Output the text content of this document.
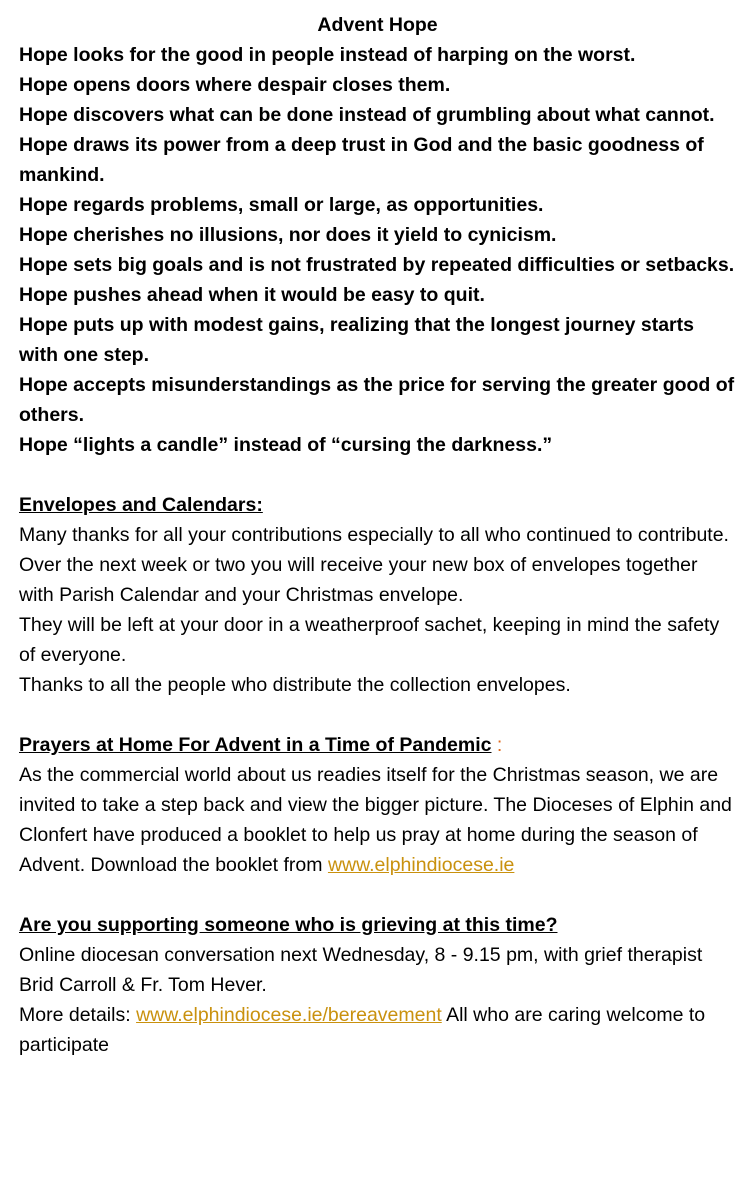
Advent Hope
Hope looks for the good in people instead of harping on the worst.
Hope opens doors where despair closes them.
Hope discovers what can be done instead of grumbling about what cannot.
Hope draws its power from a deep trust in God and the basic goodness of mankind.
Hope regards problems, small or large, as opportunities.
Hope cherishes no illusions, nor does it yield to cynicism.
Hope sets big goals and is not frustrated by repeated difficulties or setbacks.
Hope pushes ahead when it would be easy to quit.
Hope puts up with modest gains, realizing that the longest journey starts with one step.
Hope accepts misunderstandings as the price for serving the greater good of others.
Hope “lights a candle” instead of “cursing the darkness.”
Envelopes and Calendars:

Many thanks for all your contributions especially to all who continued to contribute.

Over the next week or two you will receive your new box of envelopes together with Parish Calendar and your Christmas envelope.

They will be left at your door in a weatherproof sachet, keeping in mind the safety of everyone.

Thanks to all the people who distribute the collection envelopes.

Prayers at Home For Advent in a Time of Pandemic :

As the commercial world about us readies itself for the Christmas season, we are invited to take a step back and view the bigger picture. The Dioceses of Elphin and Clonfert have produced a booklet to help us pray at home during the season of Advent. Download the booklet from www.elphindiocese.ie

Are you supporting someone who is grieving at this time?

Online diocesan conversation next Wednesday, 8 - 9.15 pm, with grief therapist Brid Carroll & Fr. Tom Hever.

More details: www.elphindiocese.ie/bereavement All who are caring welcome to participate
